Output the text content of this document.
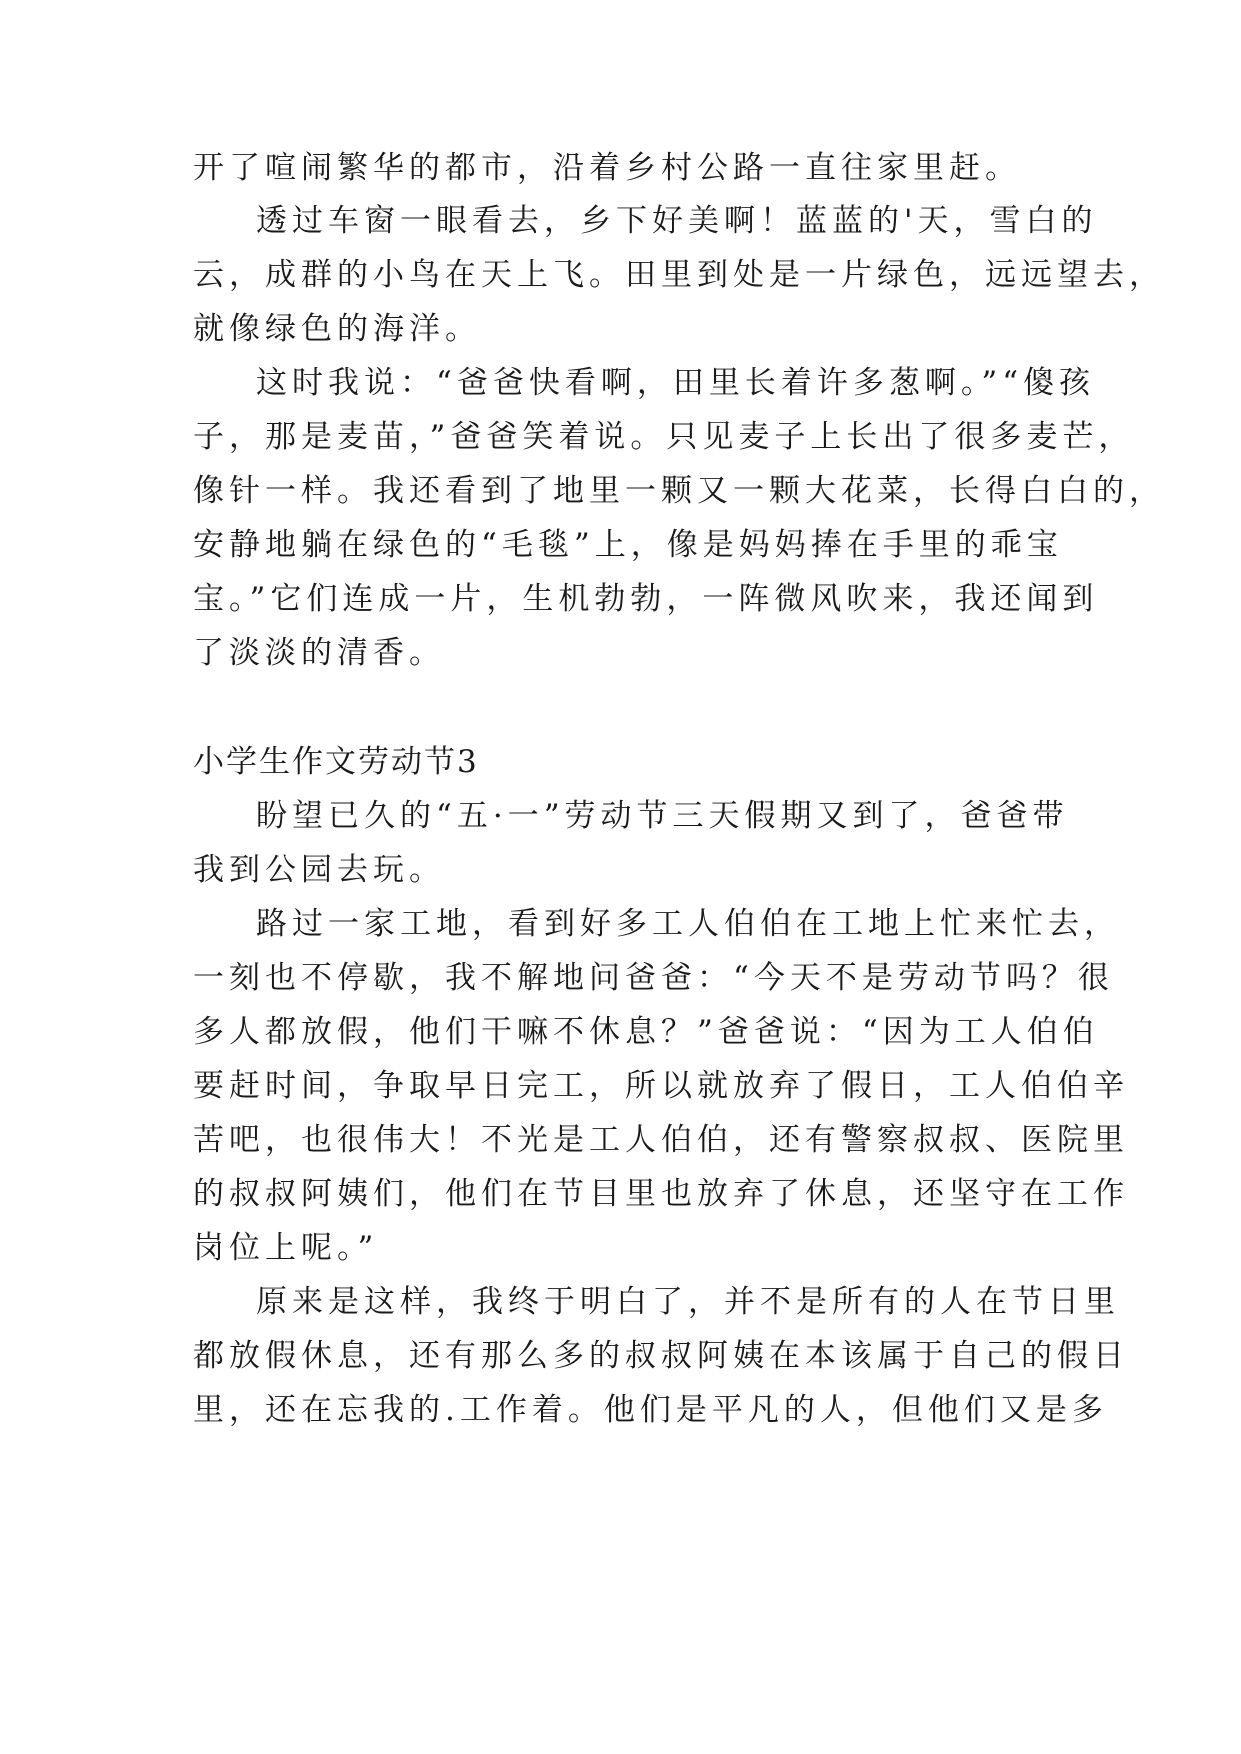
开了喧闹繁华的都市，沿着乡村公路一直往家里赶。
透过车窗一眼看去，乡下好美啊！蓝蓝的'天，雪白的
云，成群的小鸟在天上飞。田里到处是一片绿色，远远望去，
就像绿色的海洋。
这时我说：“爸爸快看啊，田里长着许多葱啊。”“傻孩
子，那是麦苗，”爸爸笑着说。只见麦子上长出了很多麦芒，
像针一样。我还看到了地里一颗又一颗大花菜，长得白白的，
安静地躺在绿色的“毛毯”上，像是妈妈捧在手里的乖宝
宝。”它们连成一片，生机勃勃，一阵微风吹来，我还闻到
了淡淡的清香。
小学生作文劳动节3
盼望已久的“五·一”劳动节三天假期又到了，爸爸带
我到公园去玩。
路过一家工地，看到好多工人伯伯在工地上忙来忙去，
一刻也不停歇，我不解地问爸爸：“今天不是劳动节吗？很
多人都放假，他们干嘛不休息？”爸爸说：“因为工人伯伯
要赶时间，争取早日完工，所以就放弃了假日，工人伯伯辛
苦吧，也很伟大！不光是工人伯伯，还有警察叔叔、医院里
的叔叔阿姨们，他们在节目里也放弃了休息，还坚守在工作
岗位上呢。”
原来是这样，我终于明白了，并不是所有的人在节日里
都放假休息，还有那么多的叔叔阿姨在本该属于自己的假日
里，还在忘我的.工作着。他们是平凡的人，但他们又是多
